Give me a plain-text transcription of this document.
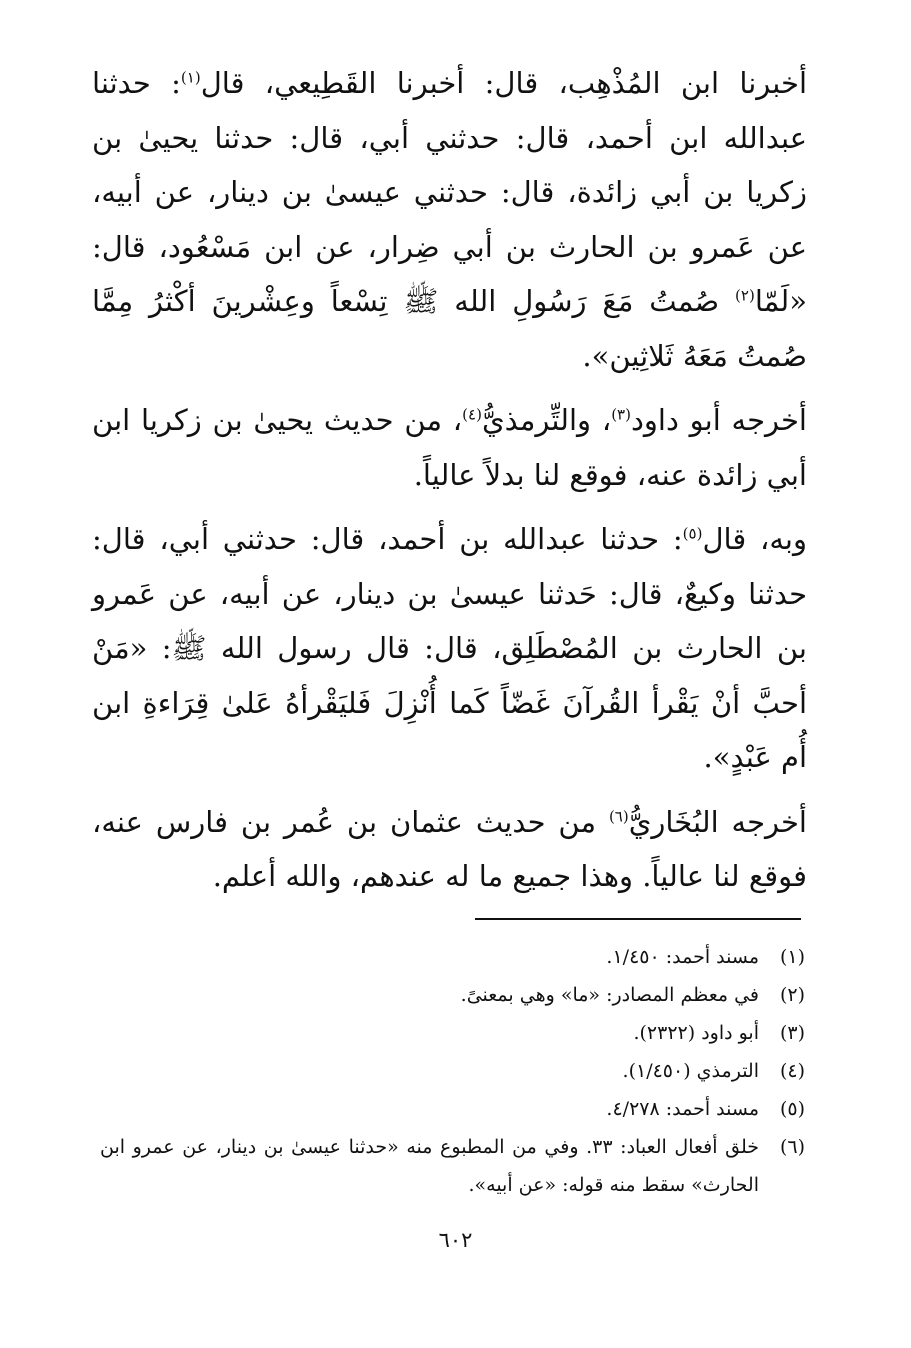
أخبرنا ابن المُذْهِب، قال: أخبرنا القَطِيعي، قال$^{(١)}$: حدثنا عبدالله ابن أحمد، قال: حدثني أبي، قال: حدثنا يحيىٰ بن زكريا بن أبي زائدة، قال: حدثني عيسىٰ بن دينار، عن أبيه، عن عَمرو بن الحارث بن أبي ضِرار، عن ابن مَسْعُود، قال: «لَمّا$^{(٢)}$ صُمتُ مَعَ رَسُولِ الله ﷺ تِسْعاً وعِشْرينَ أكْثرُ مِمَّا صُمتُ مَعَهُ ثَلاثِين».

أخرجه أبو داود$^{(٣)}$، والتِّرمذيُّ$^{(٤)}$، من حديث يحيىٰ بن زكريا ابن أبي زائدة عنه، فوقع لنا بدلاً عالياً.

وبه، قال$^{(٥)}$: حدثنا عبدالله بن أحمد، قال: حدثني أبي، قال: حدثنا وكيعٌ، قال: حَدثنا عيسىٰ بن دينار، عن أبيه، عن عَمرو بن الحارث بن المُصْطَلِق، قال: قال رسول الله ﷺ: «مَنْ أحبَّ أنْ يَقْرأ القُرآنَ غَضّاً كَما أُنْزِلَ فَليَقْرأهُ عَلىٰ قِرَاءةِ ابن أُم عَبْدٍ».

أخرجه البُخَاريُّ$^{(٦)}$ من حديث عثمان بن عُمر بن فارس عنه، فوقع لنا عالياً. وهذا جميع ما له عندهم، والله أعلم.

(١)
مسند أحمد: ١/٤٥٠.
(٢)
في معظم المصادر: «ما» وهي بمعنىً.
(٣)
أبو داود (٢٣٢٢).
(٤)
الترمذي (١/٤٥٠).
(٥)
مسند أحمد: ٤/٢٧٨.
(٦)
خلق أفعال العباد: ٣٣. وفي من المطبوع منه «حدثنا عيسىٰ بن دينار، عن عمرو ابن الحارث» سقط منه قوله: «عن أبيه».
٦٠٢
